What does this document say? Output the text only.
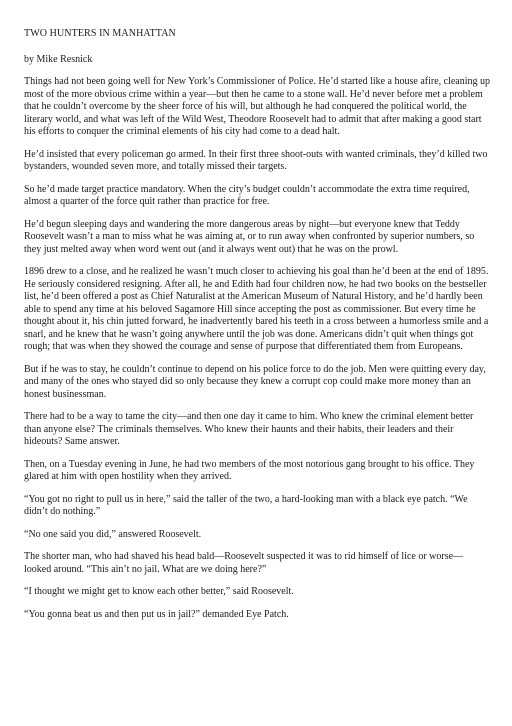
TWO HUNTERS IN MANHATTAN
by Mike Resnick
Things had not been going well for New York’s Commissioner of Police. He’d started like a house afire, cleaning up most of the more obvious crime within a year—but then he came to a stone wall. He’d never before met a problem that he couldn’t overcome by the sheer force of his will, but although he had conquered the political world, the literary world, and what was left of the Wild West, Theodore Roosevelt had to admit that after making a good start his efforts to conquer the criminal elements of his city had come to a dead halt.
He’d insisted that every policeman go armed. In their first three shoot-outs with wanted criminals, they’d killed two bystanders, wounded seven more, and totally missed their targets.
So he’d made target practice mandatory. When the city’s budget couldn’t accommodate the extra time required, almost a quarter of the force quit rather than practice for free.
He’d begun sleeping days and wandering the more dangerous areas by night—but everyone knew that Teddy Roosevelt wasn’t a man to miss what he was aiming at, or to run away when confronted by superior numbers, so they just melted away when word went out (and it always went out) that he was on the prowl.
1896 drew to a close, and he realized he wasn’t much closer to achieving his goal than he’d been at the end of 1895. He seriously considered resigning. After all, he and Edith had four children now, he had two books on the bestseller list, he’d been offered a post as Chief Naturalist at the American Museum of Natural History, and he’d hardly been able to spend any time at his beloved Sagamore Hill since accepting the post as commissioner. But every time he thought about it, his chin jutted forward, he inadvertently bared his teeth in a cross between a humorless smile and a snarl, and he knew that he wasn’t going anywhere until the job was done. Americans didn’t quit when things got rough; that was when they showed the courage and sense of purpose that differentiated them from Europeans.
But if he was to stay, he couldn’t continue to depend on his police force to do the job. Men were quitting every day, and many of the ones who stayed did so only because they knew a corrupt cop could make more money than an honest businessman.
There had to be a way to tame the city—and then one day it came to him. Who knew the criminal element better than anyone else? The criminals themselves. Who knew their haunts and their habits, their leaders and their hideouts? Same answer.
Then, on a Tuesday evening in June, he had two members of the most notorious gang brought to his office. They glared at him with open hostility when they arrived.
“You got no right to pull us in here,” said the taller of the two, a hard-looking man with a black eye patch. “We didn’t do nothing.”
“No one said you did,” answered Roosevelt.
The shorter man, who had shaved his head bald—Roosevelt suspected it was to rid himself of lice or worse—looked around. “This ain’t no jail. What are we doing here?”
“I thought we might get to know each other better,” said Roosevelt.
“You gonna beat us and then put us in jail?” demanded Eye Patch.
